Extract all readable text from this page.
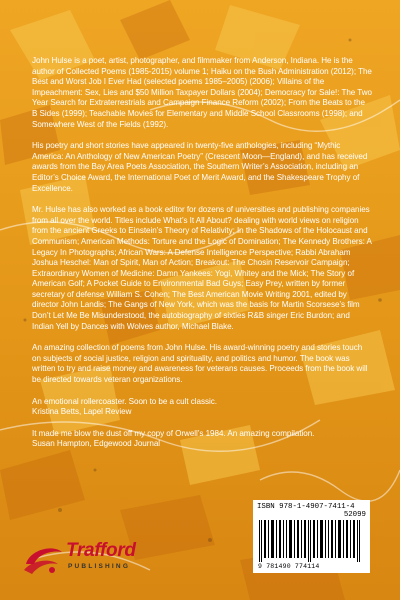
John Hulse is a poet, artist, photographer, and filmmaker from Anderson, Indiana. He is the author of Collected Poems (1985-2015) volume 1; Haiku on the Bush Administration (2012); The Best and Worst Job I Ever Had (selected poems 1985–2005) (2006); Villains of the Impeachment: Sex, Lies and $50 Million Taxpayer Dollars (2004); Democracy for Sale!: The Two Year Search for Extraterrestrials and Campaign Finance Reform (2002); From the Beats to the B Sides (1999); Teachable Movies for Elementary and Middle School Classrooms (1998); and Somewhere West of the Fields (1992).

His poetry and short stories have appeared in twenty-five anthologies, including “Mythic America: An Anthology of New American Poetry” (Crescent Moon—England), and has received awards from the Bay Area Poets Association, the Southern Writer’s Association, including an Editor’s Choice Award, the International Poet of Merit Award, and the Shakespeare Trophy of Excellence.

Mr. Hulse has also worked as a book editor for dozens of universities and publishing companies from all over the world. Titles include What’s It All About? dealing with world views on religion from the ancient Greeks to Einstein’s Theory of Relativity; In the Shadows of the Holocaust and Communism; American Methods: Torture and the Logic of Domination; The Kennedy Brothers: A Legacy In Photographs; African Wars: A Defense Intelligence Perspective; Rabbi Abraham Joshua Heschel: Man of Spirit, Man of Action; Breakout: The Chosin Reservoir Campaign; Extraordinary Women of Medicine: Damn Yankees: Yogi, Whitey and the Mick; The Story of American Golf; A Pocket Guide to Environmental Bad Guys; Easy Prey, written by former secretary of defense William S. Cohen; The Best American Movie Writing 2001, edited by director John Landis; The Gangs of New York, which was the basis for Martin Scorsese’s film Don’t Let Me Be Misunderstood, the autobiography of sixties R&B singer Eric Burdon; and Indian Yell by Dances with Wolves author, Michael Blake.

An amazing collection of poems from John Hulse. His award-winning poetry and stories touch on subjects of social justice, religion and spirituality, and politics and humor. The book was written to try and raise money and awareness for veterans causes. Proceeds from the book will be directed towards veteran organizations.

An emotional rollercoaster. Soon to be a cult classic.
Kristina Betts, Lapel Review
It made me blow the dust off my copy of Orwell’s 1984. An amazing compilation.
Susan Hampton, Edgewood Journal
ISBN 978-1-4907-7411-4
52099
9 781490 774114
Trafford
PUBLISHING
